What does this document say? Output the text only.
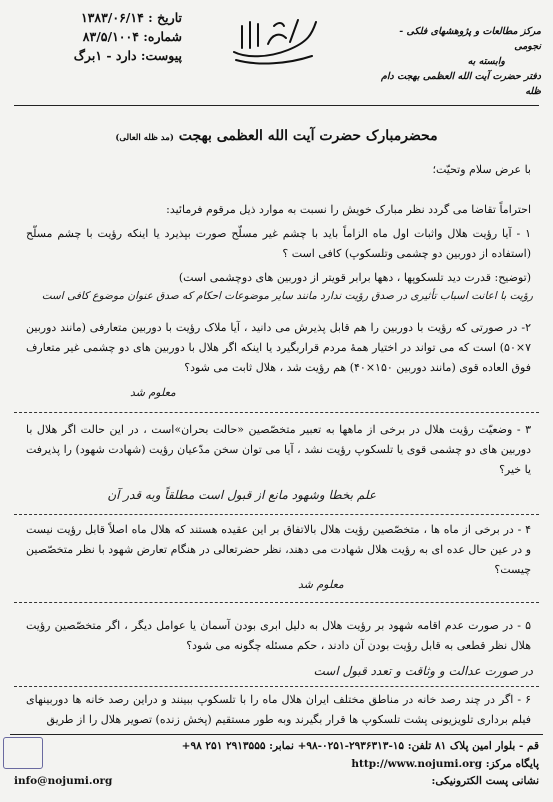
تاریخ : ۱۳۸۳/۰۶/۱۴
شماره: ۸۳/۵/۱۰۰۴
پیوست: دارد - ۱برگ
مرکز مطالعات و پژوهشهای فلکی - نجومی
وابسته به
دفتر حضرت آیت الله العظمی بهجت دام ظله
محضرمبارک حضرت آیت الله العظمی بهجت (مد ظله العالی)
با عرض سلام وتحیّت؛
احتراماً تقاضا می گردد نظر مبارک خویش را نسبت به موارد ذیل مرقوم فرمائید:
۱ - آیا رؤیت هلال واثبات اول ماه الزاماً باید با چشم غیر مسلّح صورت بپذیرد یا اینکه رؤیت با چشم مسلّح (استفاده از دوربین دو چشمی وتلسکوپ) کافی است ؟
(توضیح: قدرت دید تلسکوپها ، دهها برابر قویتر از دوربین های دوچشمی است)
رؤیت با اعانت اسباب تأثیری در صدق رؤیت ندارد مانند سایر موضوعات احکام که صدق عنوان موضوع کافی است
۲- در صورتی که رؤیت با دوربین را هم قابل پذیرش می دانید ، آیا ملاک رؤیت با دوربین متعارفی (مانند دوربین ۷×۵۰) است که می تواند در اختیار همهٔ مردم قراربگیرد یا اینکه اگر هلال با دوربین های دو چشمی غیر متعارف فوق العاده قوی (مانند دوربین ۱۵۰×۴۰) هم رؤیت شد ، هلال ثابت می شود؟
معلوم شد
۳ - وضعیّت رؤیت هلال در برخی از ماهها به تعبیر متخصّصین «حالت بحران»است ، در این حالت اگر هلال با دوربین های دو چشمی قوی یا تلسکوپ رؤیت نشد ، آیا می توان سخن مدّعیان رؤیت (شهادت شهود) را پذیرفت یا خیر؟
علم بخطا وشهود مانع از قبول است مطلقاً وبه قدر آن
۴ - در برخی از ماه ها ، متخصّصین رؤیت هلال بالاتفاق بر این عقیده هستند که هلال ماه اصلاً قابل رؤیت نیست و در عین حال عده ای به رؤیت هلال شهادت می دهند، نظر حضرتعالی در هنگام تعارض شهود با نظر متخصّصین چیست؟
معلوم شد
۵ - در صورت عدم اقامه شهود بر رؤیت هلال به دلیل ابری بودن آسمان یا عوامل دیگر ، اگر متخصّصین رؤیت هلال نظر قطعی به قابل رؤیت بودن آن دادند ، حکم مسئله چگونه می شود؟
در صورت عدالت و وثاقت و تعدد قبول است
۶ - اگر در چند رصد خانه در مناطق مختلف ایران هلال ماه را با تلسکوپ ببینند و دراین رصد خانه ها دوربینهای فیلم برداری تلویزیونی پشت تلسکوپ ها قرار بگیرند وبه طور مستقیم (پخش زنده) تصویر هلال را از طریق
قم - بلوار امین پلاک ۸۱ تلفن: ۱۵-۲۹۳۶۳۱۳-۰۲۵۱-۹۸+ نمابر: ۲۹۱۳۵۵۵ ۲۵۱ ۹۸+
پایگاه مرکز: http://www.nojumi.org
نشانی پست الکترونیکی:
info@nojumi.org
